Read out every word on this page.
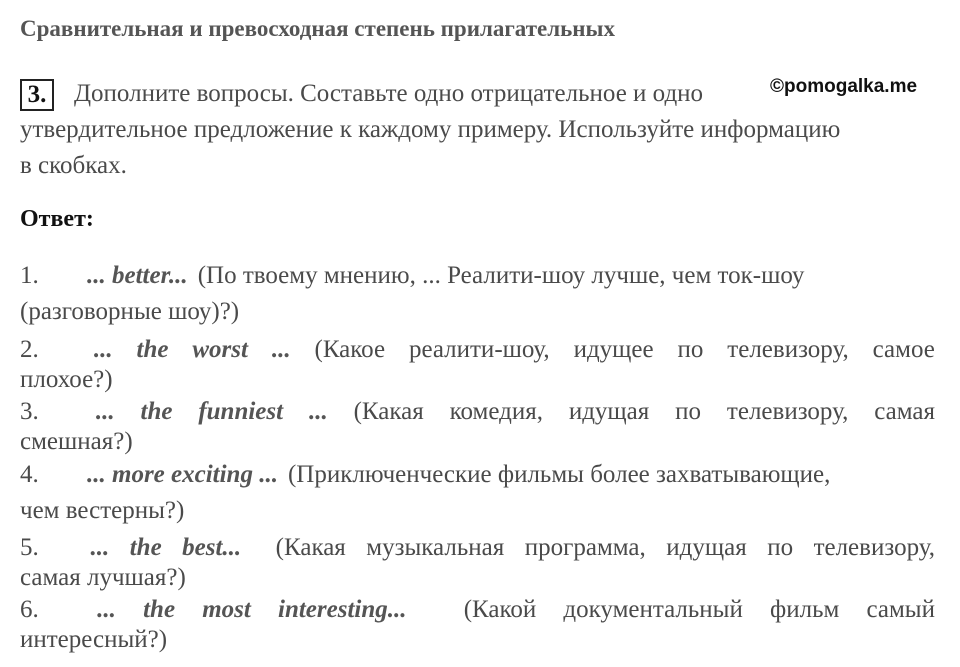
Сравнительная и превосходная степень прилагательных
3. Дополните вопросы. Составьте одно отрицательное и одно
утвердительное предложение к каждому примеру. Используйте информацию
в скобках.
©pomogalka.me
Ответ:
1.	... better... (По твоему мнению, ... Реалити-шоу лучше, чем ток-шоу
(разговорные шоу)?)
2.	... the worst ... (Какое реалити-шоу, идущее по телевизору, самое
плохое?)
3.	... the funniest ... (Какая комедия, идущая по телевизору, самая
смешная?)
4.	... more exciting ... (Приключенческие фильмы более захватывающие,
чем вестерны?)
5.	... the best... (Какая музыкальная программа, идущая по телевизору,
самая лучшая?)
6.	... the most interesting... (Какой документальный фильм самый
интересный?)
